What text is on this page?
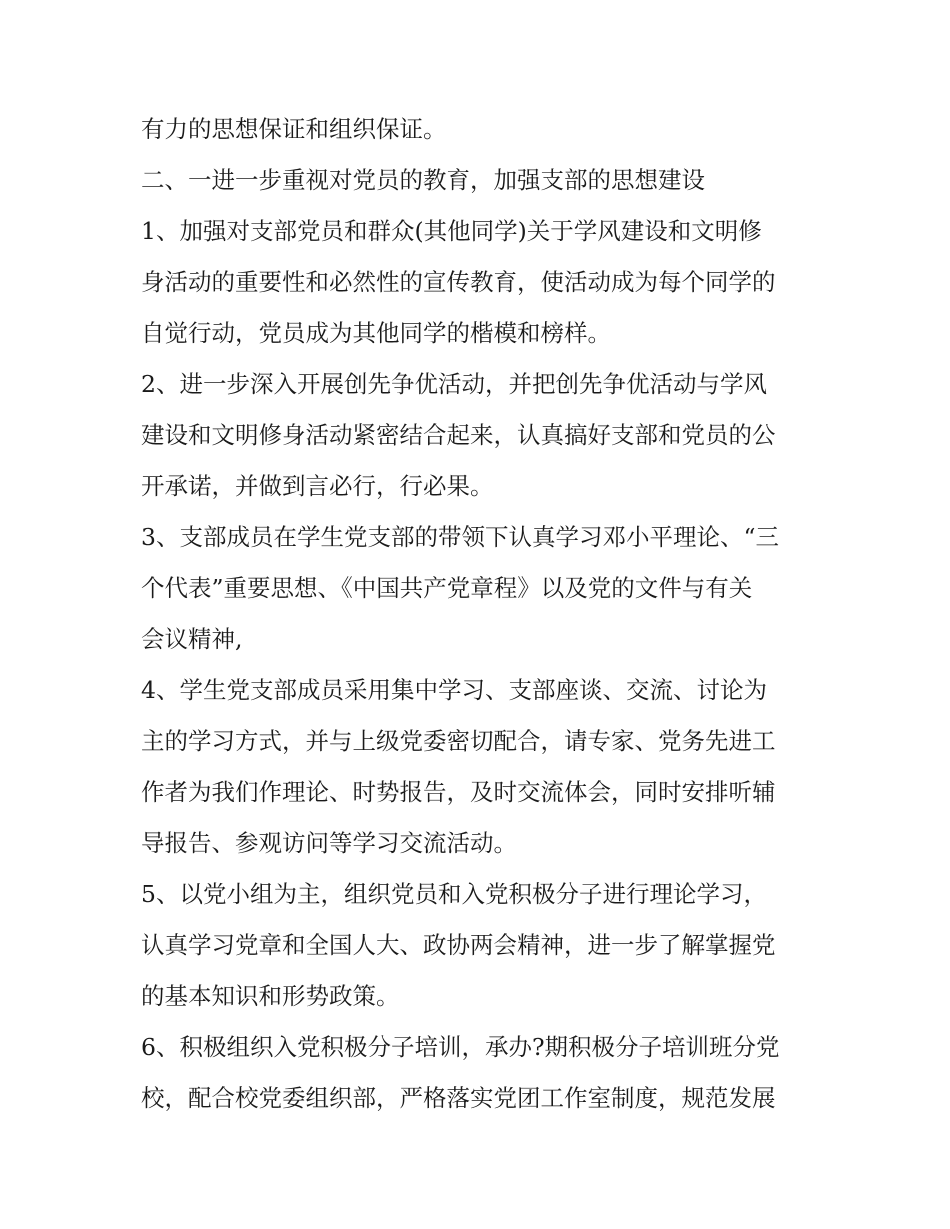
有力的思想保证和组织保证。
二、一进一步重视对党员的教育，加强支部的思想建设
1、加强对支部党员和群众(其他同学)关于学风建设和文明修
身活动的重要性和必然性的宣传教育，使活动成为每个同学的
自觉行动，党员成为其他同学的楷模和榜样。
2、进一步深入开展创先争优活动，并把创先争优活动与学风
建设和文明修身活动紧密结合起来，认真搞好支部和党员的公
开承诺，并做到言必行，行必果。
3、支部成员在学生党支部的带领下认真学习邓小平理论、“三
个代表”重要思想、《中国共产党章程》以及党的文件与有关
会议精神,
4、学生党支部成员采用集中学习、支部座谈、交流、讨论为
主的学习方式，并与上级党委密切配合，请专家、党务先进工
作者为我们作理论、时势报告，及时交流体会，同时安排听辅
导报告、参观访问等学习交流活动。
5、以党小组为主，组织党员和入党积极分子进行理论学习，
认真学习党章和全国人大、政协两会精神，进一步了解掌握党
的基本知识和形势政策。
6、积极组织入党积极分子培训，承办?期积极分子培训班分党
校，配合校党委组织部，严格落实党团工作室制度，规范发展
